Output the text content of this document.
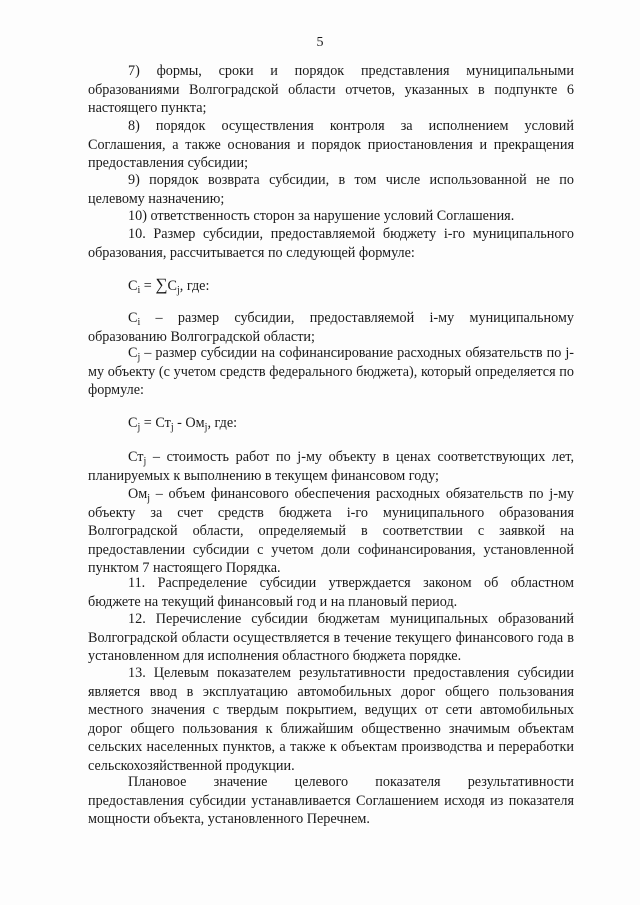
5
7) формы, сроки и порядок представления муниципальными образованиями Волгоградской области отчетов, указанных в подпункте 6 настоящего пункта;
8) порядок осуществления контроля за исполнением условий Соглашения, а также основания и порядок приостановления и прекращения предоставления субсидии;
9) порядок возврата субсидии, в том числе использованной не по целевому назначению;
10) ответственность сторон за нарушение условий Соглашения.
10. Размер субсидии, предоставляемой бюджету i-го муниципального образования, рассчитывается по следующей формуле:
$C_i = \sum C_j$, где:
$C_i$ – размер субсидии, предоставляемой i-му муниципальному образованию Волгоградской области;
$C_j$ – размер субсидии на софинансирование расходных обязательств по j-му объекту (с учетом средств федерального бюджета), который определяется по формуле:
$C_j = Ст_j - Ом_j$, где:
$Ст_j$ – стоимость работ по j-му объекту в ценах соответствующих лет, планируемых к выполнению в текущем финансовом году;
$Ом_j$ – объем финансового обеспечения расходных обязательств по j-му объекту за счет средств бюджета i-го муниципального образования Волгоградской области, определяемый в соответствии с заявкой на предоставлении субсидии с учетом доли софинансирования, установленной пунктом 7 настоящего Порядка.
11. Распределение субсидии утверждается законом об областном бюджете на текущий финансовый год и на плановый период.
12. Перечисление субсидии бюджетам муниципальных образований Волгоградской области осуществляется в течение текущего финансового года в установленном для исполнения областного бюджета порядке.
13. Целевым показателем результативности предоставления субсидии является ввод в эксплуатацию автомобильных дорог общего пользования местного значения с твердым покрытием, ведущих от сети автомобильных дорог общего пользования к ближайшим общественно значимым объектам сельских населенных пунктов, а также к объектам производства и переработки сельскохозяйственной продукции.
Плановое значение целевого показателя результативности предоставления субсидии устанавливается Соглашением исходя из показателя мощности объекта, установленного Перечнем.
